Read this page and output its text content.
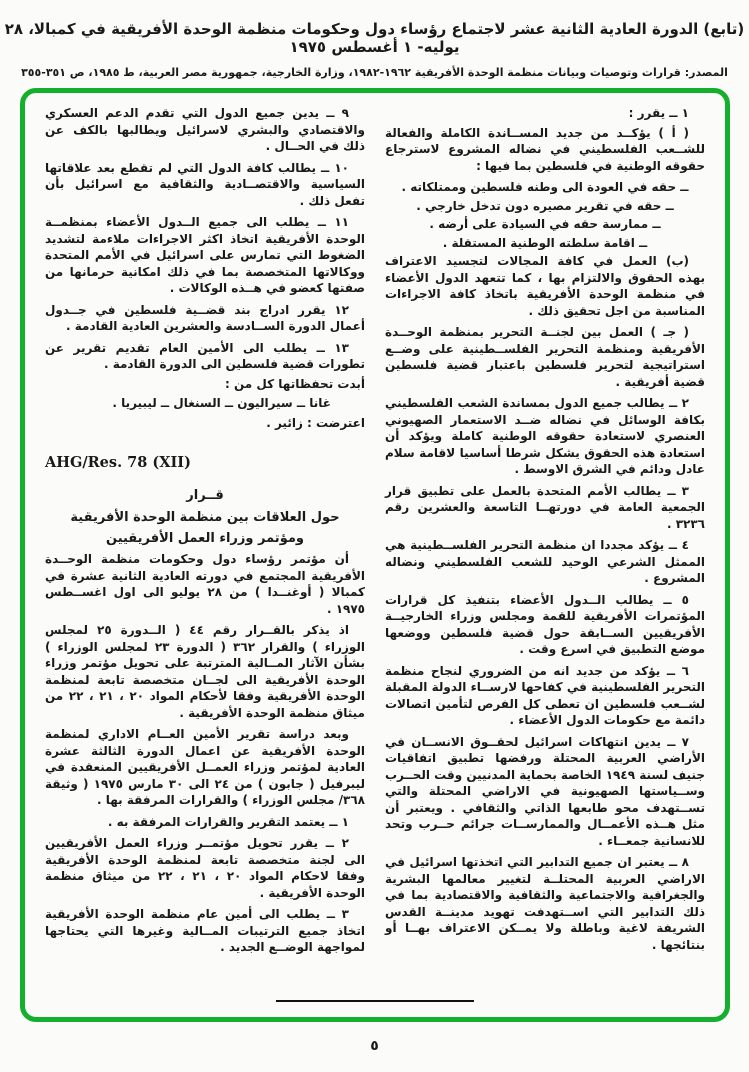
(تابع) الدورة العادية الثانية عشر لاجتماع رؤساء دول وحكومات منظمة الوحدة الأفريقية في كمبالا، ٢٨ يوليه- ١ أغسطس ١٩٧٥
المصدر: قرارات وتوصيات وبيانات منظمة الوحدة الأفريقية ١٩٦٢-١٩٨٢، وزارة الخارجية، جمهورية مصر العربية، ط ١٩٨٥، ص ٣٥١-٣٥٥

١ ــ يقرر :

( أ ) يؤكــد من جديد المســاندة الكاملة والفعالة للشــعب الفلسطيني في نضاله المشروع لاسترجاع حقوقه الوطنية في فلسطين بما فيها :

ــ حقه في العودة الى وطنه فلسطين وممتلكاته .

ــ حقه في تقرير مصيره دون تدخل خارجي .

ــ ممارسة حقه في السيادة على أرضه .

ــ اقامة سلطته الوطنية المستقلة .

(ب) العمل في كافة المجالات لتجسيد الاعتراف بهذه الحقوق والالتزام بها ، كما تتعهد الدول الأعضاء في منظمة الوحدة الأفريقية باتخاذ كافة الاجراءات المناسبة من اجل تحقيق ذلك .

( جـ ) العمل بين لجنــة التحرير بمنظمة الوحــدة الأفريقية ومنظمة التحرير الفلســطينية على وضــع استراتيجية لتحرير فلسطين باعتبار قضية فلسطين قضية أفريقية .

٢ ــ يطالب جميع الدول بمساندة الشعب الفلسطيني بكافة الوسائل في نضاله ضــد الاستعمار الصهيوني العنصري لاستعادة حقوقه الوطنية كاملة ويؤكد أن استعادة هذه الحقوق يشكل شرطا أساسيا لاقامة سلام عادل ودائم في الشرق الاوسط .

٣ ــ يطالب الأمم المتحدة بالعمل على تطبيق قرار الجمعية العامة في دورتهــا التاسعة والعشرين رقم ٣٢٣٦ .

٤ ــ يؤكد مجددا ان منظمة التحرير الفلســطينية هي الممثل الشرعي الوحيد للشعب الفلسطيني ونضاله المشروع .

٥ ــ يطالب الــدول الأعضاء بتنفيذ كل قرارات المؤتمرات الأفريقية للقمة ومجلس وزراء الخارجيــة الأفريقيين الســابقة حول قضية فلسطين ووضعها موضع التطبيق في اسرع وقت .

٦ ــ يؤكد من جديد انه من الضروري لنجاح منظمة التحرير الفلسطينية في كفاحها لارســاء الدولة المقبلة لشــعب فلسطين ان تعطى كل الفرص لتأمين اتصالات دائمة مع حكومات الدول الأعضاء .

٧ ــ يدين انتهاكات اسرائيل لحقــوق الانســان في الأراضي العربية المحتلة ورفضها تطبيق اتفاقيات جنيف لسنة ١٩٤٩ الخاصة بحماية المدنيين وقت الحــرب وســياستها الصهيونية في الاراضي المحتلة والتي تســتهدف محو طابعها الذاتي والثقافي . ويعتبر أن مثل هــذه الأعمــال والممارســات جرائم حــرب وتحد للانسانية جمعــاء .

٨ ــ يعتبر ان جميع التدابير التي اتخذتها اسرائيل في الاراضي العربية المحتلــة لتغيير معالمها البشرية والجغرافية والاجتماعية والثقافية والاقتصادية بما في ذلك التدابير التي اســتهدفت تهويد مدينــة القدس الشريفة لاغية وباطلة ولا يمــكن الاعتراف بهــا أو بنتائجها .

٩ ــ يدين جميع الدول التي تقدم الدعم العسكري والاقتصادي والبشري لاسرائيل ويطالبها بالكف عن ذلك في الحــال .

١٠ ــ يطالب كافة الدول التي لم تقطع بعد علاقاتها السياسية والاقتصــادية والثقافية مع اسرائيل بأن تفعل ذلك .

١١ ــ يطلب الى جميع الــدول الأعضاء بمنظمــة الوحدة الأفريقية اتخاذ اكثر الاجراءات ملاءمة لتشديد الضغوط التي تمارس على اسرائيل في الأمم المتحدة ووكالاتها المتخصصة بما في ذلك امكانية حرمانها من صفتها كعضو في هــذه الوكالات .

١٢ يقرر ادراج بند قضــية فلسطين في جــدول أعمال الدورة الســادسة والعشرين العادية القادمة .

١٣ ــ يطلب الى الأمين العام تقديم تقرير عن تطورات قضية فلسطين الى الدورة القادمة .

أبدت تحفظاتها كل من :

غانا ــ سيراليون ــ السنغال ــ ليبيريا .

اعترضت : زائير .

AHG/Res. 78 (XII)

قــرار

حول العلاقات بين منظمة الوحدة الأفريقية

ومؤتمر وزراء العمل الأفريقيين

أن مؤتمر رؤساء دول وحكومات منظمة الوحــدة الأفريقية المجتمع في دورته العادية الثانية عشرة في كمبالا ( أوغنــدا ) من ٢٨ يوليو الى اول اغســطس ١٩٧٥ .

اذ يذكر بالقــرار رقم ٤٤ ( الــدورة ٢٥ لمجلس الوزراء ) والقرار ٣٦٢ ( الدورة ٢٣ لمجلس الوزراء ) بشأن الآثار المــالية المترتبة على تحويل مؤتمر وزراء الوحدة الأفريقية الى لجــان متخصصة تابعة لمنظمة الوحدة الأفريقية وفقا لأحكام المواد ٢٠ ، ٢١ ، ٢٢ من ميثاق منظمة الوحدة الأفريقية .

وبعد دراسة تقرير الأمين العــام الاداري لمنظمة الوحدة الأفريقية عن اعمال الدورة الثالثة عشرة العادية لمؤتمر وزراء العمــل الأفريقيين المنعقدة في ليبرفيل ( جابون ) من ٢٤ الى ٣٠ مارس ١٩٧٥ ( وثيقة ٣٦٨/ مجلس الوزراء ) والقرارات المرفقة بها .

١ ــ يعتمد التقرير والقرارات المرفقة به .

٢ ــ يقرر تحويل مؤتمــر وزراء العمل الأفريقيين الى لجنة متخصصة تابعة لمنظمة الوحدة الأفريقية وفقا لاحكام المواد ٢٠ ، ٢١ ، ٢٢ من ميثاق منظمة الوحدة الأفريقية .

٣ ــ يطلب الى أمين عام منظمة الوحدة الأفريقية اتخاذ جميع الترتيبات المــالية وغيرها التي يحتاجها لمواجهة الوضــع الجديد .

٥
